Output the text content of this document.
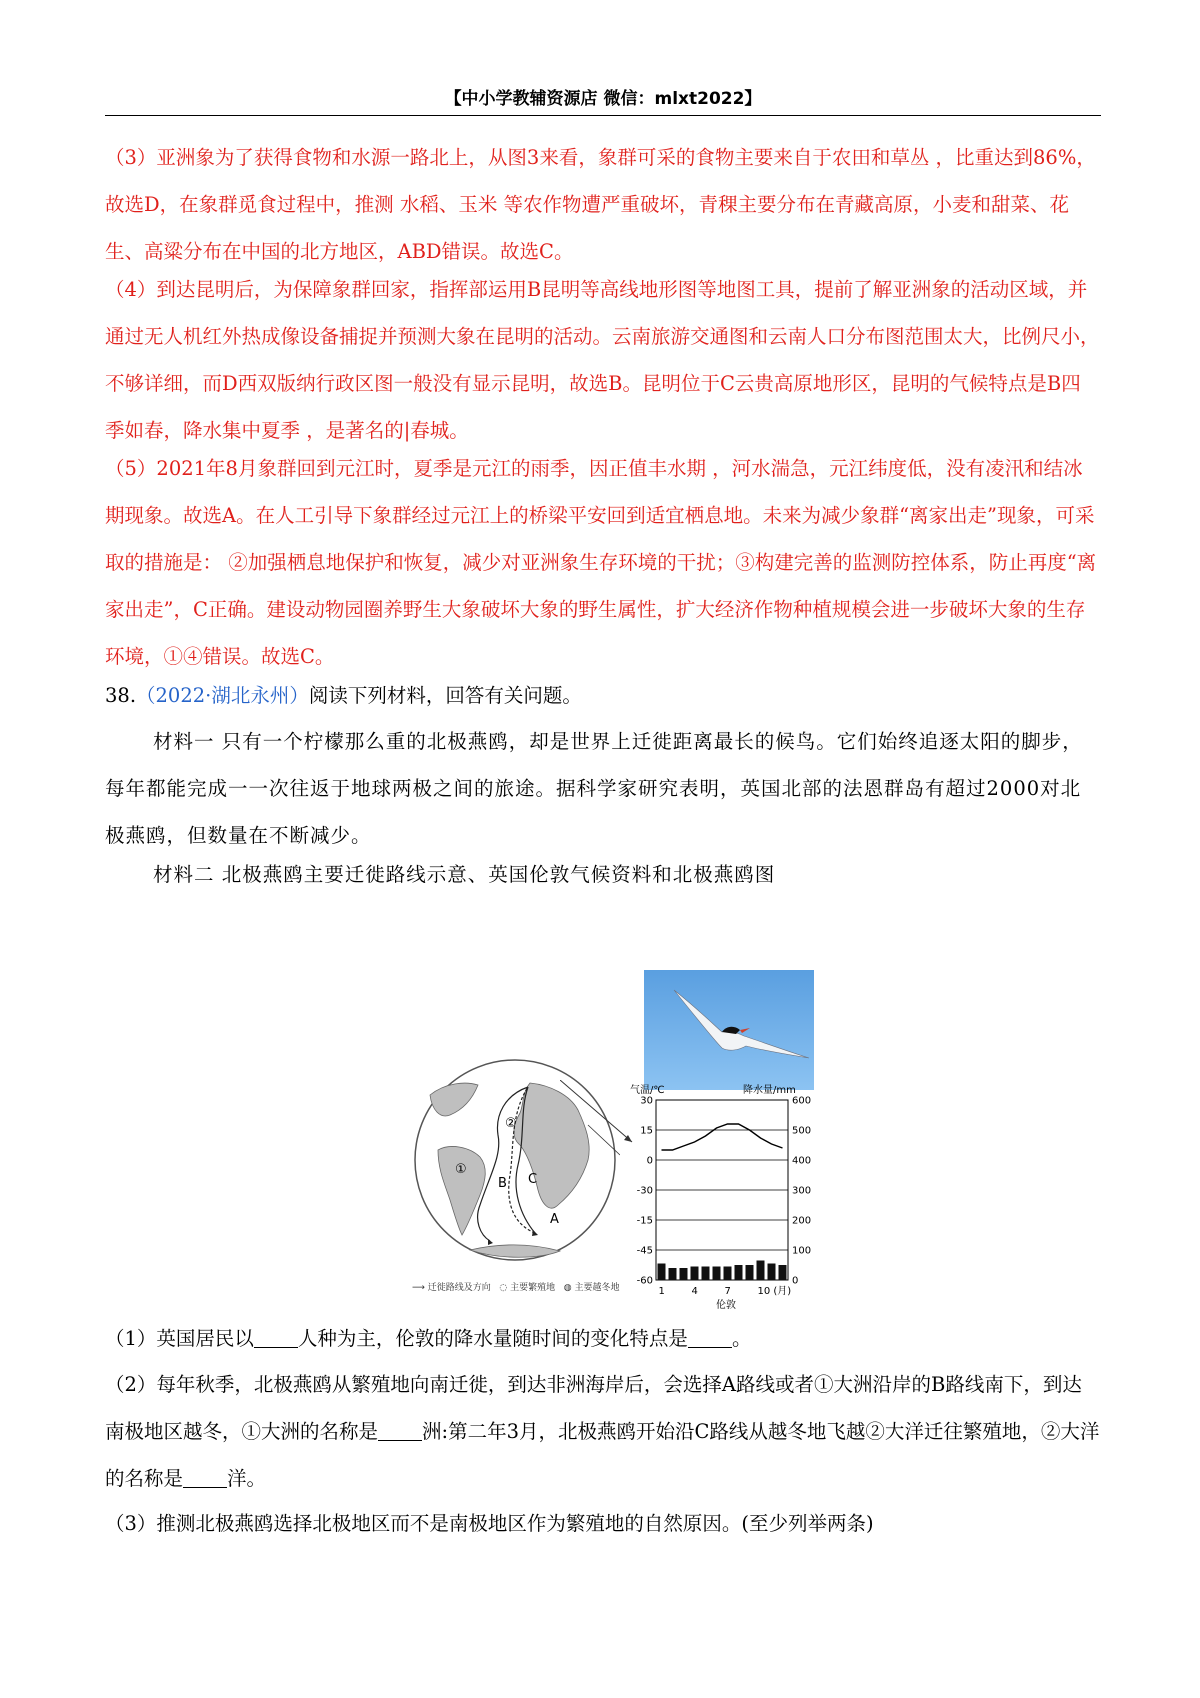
【中小学教辅资源店 微信：mlxt2022】

（3）亚洲象为了获得食物和水源一路北上，从图3来看，象群可采的食物主要来自于农田和草丛 ，比重达到86%，故选D，在象群觅食过程中，推测 水稻、玉米 等农作物遭严重破坏，青稞主要分布在青藏高原，小麦和甜菜、花生、高粱分布在中国的北方地区，ABD错误。故选C。

（4）到达昆明后，为保障象群回家，指挥部运用B昆明等高线地形图等地图工具，提前了解亚洲象的活动区域，并通过无人机红外热成像设备捕捉并预测大象在昆明的活动。云南旅游交通图和云南人口分布图范围太大，比例尺小，不够详细，而D西双版纳行政区图一般没有显示昆明，故选B。昆明位于C云贵高原地形区，昆明的气候特点是B四季如春，降水集中夏季 ，是著名的|春城。

（5）2021年8月象群回到元江时，夏季是元江的雨季，因正值丰水期 ，河水湍急，元江纬度低，没有凌汛和结冰期现象。故选A。在人工引导下象群经过元江上的桥梁平安回到适宜栖息地。未来为减少象群“离家出走”现象，可采取的措施是： ②加强栖息地保护和恢复，减少对亚洲象生存环境的干扰；③构建完善的监测防控体系，防止再度“离家出走”，C正确。建设动物园圈养野生大象破坏大象的野生属性，扩大经济作物种植规模会进一步破坏大象的生存环境，①④错误。故选C。

38.（2022·湖北永州）阅读下列材料，回答有关问题。

材料一 只有一个柠檬那么重的北极燕鸥，却是世界上迁徙距离最长的候鸟。它们始终追逐太阳的脚步，每年都能完成一一次往返于地球两极之间的旅途。据科学家研究表明，英国北部的法恩群岛有超过2000对北极燕鸥，但数量在不断减少。

材料二 北极燕鸥主要迁徙路线示意、英国伦敦气候资料和北极燕鸥图

②
①
B C
A
⟶ 迁徙路线及方向 ◌ 主要繁殖地 ◍ 主要越冬地
气温/℃	降水量/mm
30
15
0
-30
-15
-45
-60
600
500
400
300
200
100
0
1	4	7	10 (月)
伦敦

（1）英国居民以 人种为主，伦敦的降水量随时间的变化特点是 。

（2）每年秋季，北极燕鸥从繁殖地向南迁徙，到达非洲海岸后，会选择A路线或者①大洲沿岸的B路线南下，到达南极地区越冬，①大洲的名称是 洲:第二年3月，北极燕鸥开始沿C路线从越冬地飞越②大洋迁往繁殖地，②大洋的名称是 洋。

（3）推测北极燕鸥选择北极地区而不是南极地区作为繁殖地的自然原因。(至少列举两条)
